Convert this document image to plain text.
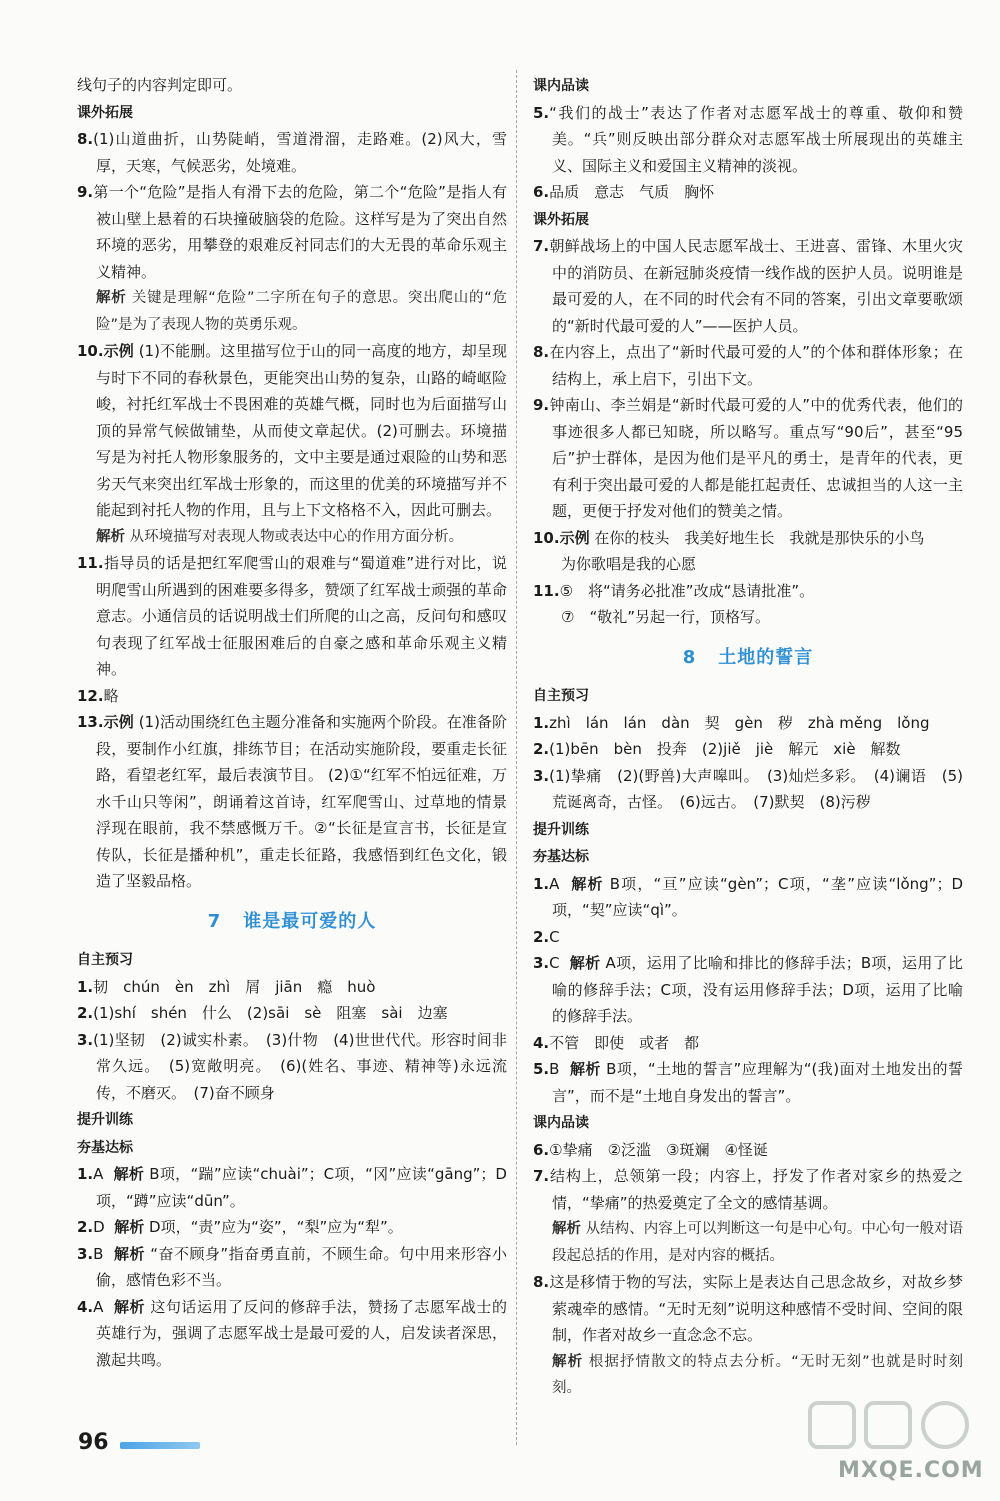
线句子的内容判定即可。

课外拓展

8.(1)山道曲折，山势陡峭，雪道滑溜，走路难。(2)风大，雪厚，天寒，气候恶劣，处境难。

9.第一个“危险”是指人有滑下去的危险，第二个“危险”是指人有被山壁上悬着的石块撞破脑袋的危险。这样写是为了突出自然环境的恶劣，用攀登的艰难反衬同志们的大无畏的革命乐观主义精神。

解析 关键是理解“危险”二字所在句子的意思。突出爬山的“危险”是为了表现人物的英勇乐观。

10.示例 (1)不能删。这里描写位于山的同一高度的地方，却呈现与时下不同的春秋景色，更能突出山势的复杂，山路的崎岖险峻，衬托红军战士不畏困难的英雄气概，同时也为后面描写山顶的异常气候做铺垫，从而使文章起伏。(2)可删去。环境描写是为衬托人物形象服务的，文中主要是通过艰险的山势和恶劣天气来突出红军战士形象的，而这里的优美的环境描写并不能起到衬托人物的作用，且与上下文格格不入，因此可删去。

解析 从环境描写对表现人物或表达中心的作用方面分析。

11.指导员的话是把红军爬雪山的艰难与“蜀道难”进行对比，说明爬雪山所遇到的困难要多得多，赞颂了红军战士顽强的革命意志。小通信员的话说明战士们所爬的山之高，反问句和感叹句表现了红军战士征服困难后的自豪之感和革命乐观主义精神。

12.略

13.示例 (1)活动围绕红色主题分准备和实施两个阶段。在准备阶段，要制作小红旗，排练节目；在活动实施阶段，要重走长征路，看望老红军，最后表演节目。 (2)①“红军不怕远征难，万水千山只等闲”，朗诵着这首诗，红军爬雪山、过草地的情景浮现在眼前，我不禁感慨万千。②“长征是宣言书，长征是宣传队，长征是播种机”，重走长征路，我感悟到红色文化，锻造了坚毅品格。

7 谁是最可爱的人

自主预习

1.韧　chún　èn　zhì　屑　jiān　瘾　huò

2.(1)shí　shén　什么　(2)sāi　sè　阻塞　sài　边塞

3.(1)坚韧　(2)诚实朴素。　(3)什物　(4)世世代代。形容时间非常久远。　(5)宽敞明亮。　(6)(姓名、事迹、精神等)永远流传，不磨灭。　(7)奋不顾身

提升训练

夯基达标

1.A 解析 B项，“踹”应读“chuài”；C项，“冈”应读“gāng”；D项，“蹲”应读“dūn”。

2.D 解析 D项，“责”应为“姿”，“梨”应为“犁”。

3.B 解析 “奋不顾身”指奋勇直前，不顾生命。句中用来形容小偷，感情色彩不当。

4.A 解析 这句话运用了反问的修辞手法，赞扬了志愿军战士的英雄行为，强调了志愿军战士是最可爱的人，启发读者深思，激起共鸣。

课内品读

5.“我们的战士”表达了作者对志愿军战士的尊重、敬仰和赞美。“兵”则反映出部分群众对志愿军战士所展现出的英雄主义、国际主义和爱国主义精神的淡视。

6.品质　意志　气质　胸怀

课外拓展

7.朝鲜战场上的中国人民志愿军战士、王进喜、雷锋、木里火灾中的消防员、在新冠肺炎疫情一线作战的医护人员。说明谁是最可爱的人，在不同的时代会有不同的答案，引出文章要歌颂的“新时代最可爱的人”——医护人员。

8.在内容上，点出了“新时代最可爱的人”的个体和群体形象；在结构上，承上启下，引出下文。

9.钟南山、李兰娟是“新时代最可爱的人”中的优秀代表，他们的事迹很多人都已知晓，所以略写。重点写“90后”，甚至“95后”护士群体，是因为他们是平凡的勇士，是青年的代表，更有利于突出最可爱的人都是能扛起责任、忠诚担当的人这一主题，更便于抒发对他们的赞美之情。

10.示例 在你的枝头　我美好地生长　我就是那快乐的小鸟

为你歌唱是我的心愿

11.⑤　将“请务必批准”改成“恳请批准”。

⑦　“敬礼”另起一行，顶格写。

8 土地的誓言

自主预习

1.zhì　lán　lán　dàn　契　gèn　秽　zhà měng　lǒng

2.(1)bēn　bèn　投奔　(2)jiě　jiè　解元　xiè　解数

3.(1)挚痛　(2)(野兽)大声嗥叫。　(3)灿烂多彩。　(4)谰语　(5)荒诞离奇，古怪。　(6)远古。　(7)默契　(8)污秽

提升训练

夯基达标

1.A 解析 B项，“亘”应读“gèn”；C项，“垄”应读“lǒng”；D项，“契”应读“qì”。

2.C

3.C 解析 A项，运用了比喻和排比的修辞手法；B项，运用了比喻的修辞手法；C项，没有运用修辞手法；D项，运用了比喻的修辞手法。

4.不管　即使　或者　都

5.B 解析 B项，“土地的誓言”应理解为“(我)面对土地发出的誓言”，而不是“土地自身发出的誓言”。

课内品读

6.①挚痛　②泛滥　③斑斓　④怪诞

7.结构上，总领第一段；内容上，抒发了作者对家乡的热爱之情，“挚痛”的热爱奠定了全文的感情基调。

解析 从结构、内容上可以判断这一句是中心句。中心句一般对语段起总括的作用，是对内容的概括。

8.这是移情于物的写法，实际上是表达自己思念故乡，对故乡梦萦魂牵的感情。“无时无刻”说明这种感情不受时间、空间的限制，作者对故乡一直念念不忘。

解析 根据抒情散文的特点去分析。“无时无刻”也就是时时刻刻。

96
MXQE.COM
